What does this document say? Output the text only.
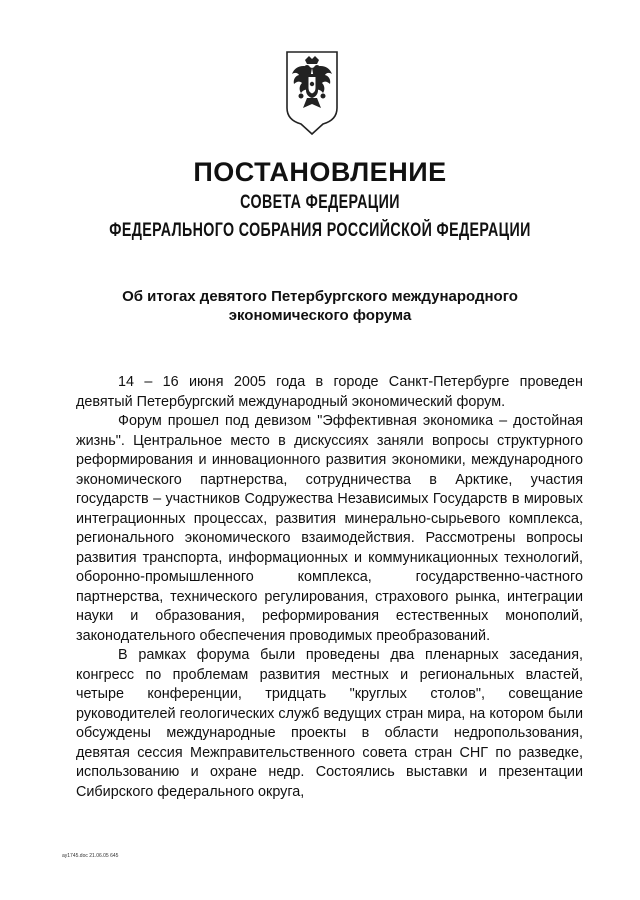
ПОСТАНОВЛЕНИЕ
СОВЕТА ФЕДЕРАЦИИ
ФЕДЕРАЛЬНОГО СОБРАНИЯ РОССИЙСКОЙ ФЕДЕРАЦИИ
Об итогах девятого Петербургского международного
экономического форума

14 – 16 июня 2005 года в городе Санкт-Петербурге проведен девятый Петербургский международный экономический форум.

Форум прошел под девизом "Эффективная экономика – достойная жизнь". Центральное место в дискуссиях заняли вопросы структурного реформирования и инновационного развития экономики, международного экономического партнерства, сотрудничества в Арктике, участия государств – участников Содружества Независимых Государств в мировых интеграционных процессах, развития минерально-сырьевого комплекса, регионального экономического взаимодействия. Рассмотрены вопросы развития транспорта, информационных и коммуникационных технологий, оборонно-промышленного комплекса, государственно-частного партнерства, технического регулирования, страхового рынка, интеграции науки и образования, реформирования естественных монополий, законодательного обеспечения проводимых преобразований.

В рамках форума были проведены два пленарных заседания, конгресс по проблемам развития местных и региональных властей, четыре конференции, тридцать "круглых столов", совещание руководителей геологических служб ведущих стран мира, на котором были обсуждены международные проекты в области недропользования, девятая сессия Межправительственного совета стран СНГ по разведке, использованию и охране недр. Состоялись выставки и презентации Сибирского федерального округа,

ay1745.doc 21.06.05 645
